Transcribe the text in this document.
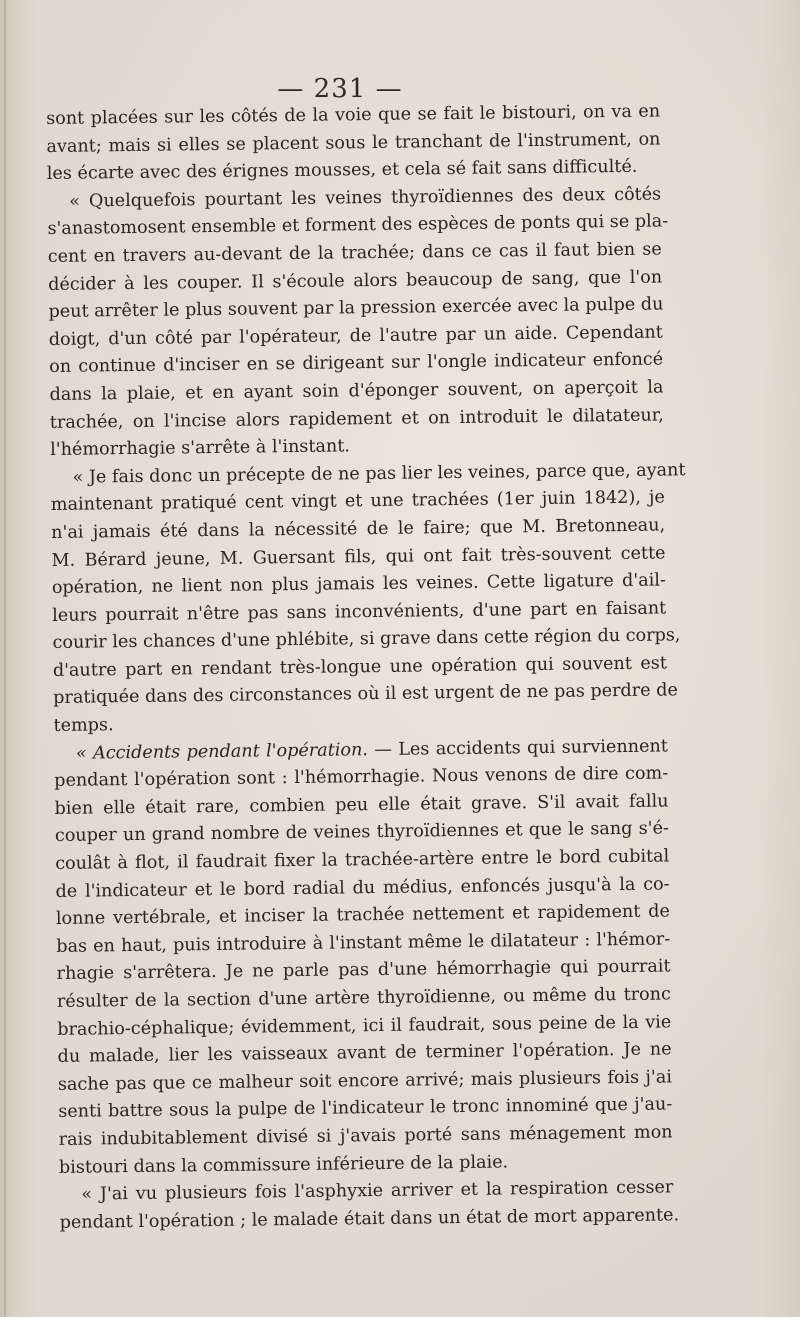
— 231 —
sont placées sur les côtés de la voie que se fait le bistouri, on va en
avant; mais si elles se placent sous le tranchant de l'instrument, on
les écarte avec des érignes mousses, et cela sé fait sans difficulté.
« Quelquefois pourtant les veines thyroïdiennes des deux côtés
s'anastomosent ensemble et forment des espèces de ponts qui se pla-
cent en travers au-devant de la trachée; dans ce cas il faut bien se
décider à les couper. Il s'écoule alors beaucoup de sang, que l'on
peut arrêter le plus souvent par la pression exercée avec la pulpe du
doigt, d'un côté par l'opérateur, de l'autre par un aide. Cependant
on continue d'inciser en se dirigeant sur l'ongle indicateur enfoncé
dans la plaie, et en ayant soin d'éponger souvent, on aperçoit la
trachée, on l'incise alors rapidement et on introduit le dilatateur,
l'hémorrhagie s'arrête à l'instant.
« Je fais donc un précepte de ne pas lier les veines, parce que, ayant
maintenant pratiqué cent vingt et une trachées (1er juin 1842), je
n'ai jamais été dans la nécessité de le faire; que M. Bretonneau,
M. Bérard jeune, M. Guersant fils, qui ont fait très-souvent cette
opération, ne lient non plus jamais les veines. Cette ligature d'ail-
leurs pourrait n'être pas sans inconvénients, d'une part en faisant
courir les chances d'une phlébite, si grave dans cette région du corps,
d'autre part en rendant très-longue une opération qui souvent est
pratiquée dans des circonstances où il est urgent de ne pas perdre de
temps.
« Accidents pendant l'opération. — Les accidents qui surviennent
pendant l'opération sont : l'hémorrhagie. Nous venons de dire com-
bien elle était rare, combien peu elle était grave. S'il avait fallu
couper un grand nombre de veines thyroïdiennes et que le sang s'é-
coulât à flot, il faudrait fixer la trachée-artère entre le bord cubital
de l'indicateur et le bord radial du médius, enfoncés jusqu'à la co-
lonne vertébrale, et inciser la trachée nettement et rapidement de
bas en haut, puis introduire à l'instant même le dilatateur : l'hémor-
rhagie s'arrêtera. Je ne parle pas d'une hémorrhagie qui pourrait
résulter de la section d'une artère thyroïdienne, ou même du tronc
brachio-céphalique; évidemment, ici il faudrait, sous peine de la vie
du malade, lier les vaisseaux avant de terminer l'opération. Je ne
sache pas que ce malheur soit encore arrivé; mais plusieurs fois j'ai
senti battre sous la pulpe de l'indicateur le tronc innominé que j'au-
rais indubitablement divisé si j'avais porté sans ménagement mon
bistouri dans la commissure inférieure de la plaie.
« J'ai vu plusieurs fois l'asphyxie arriver et la respiration cesser
pendant l'opération ; le malade était dans un état de mort apparente.
